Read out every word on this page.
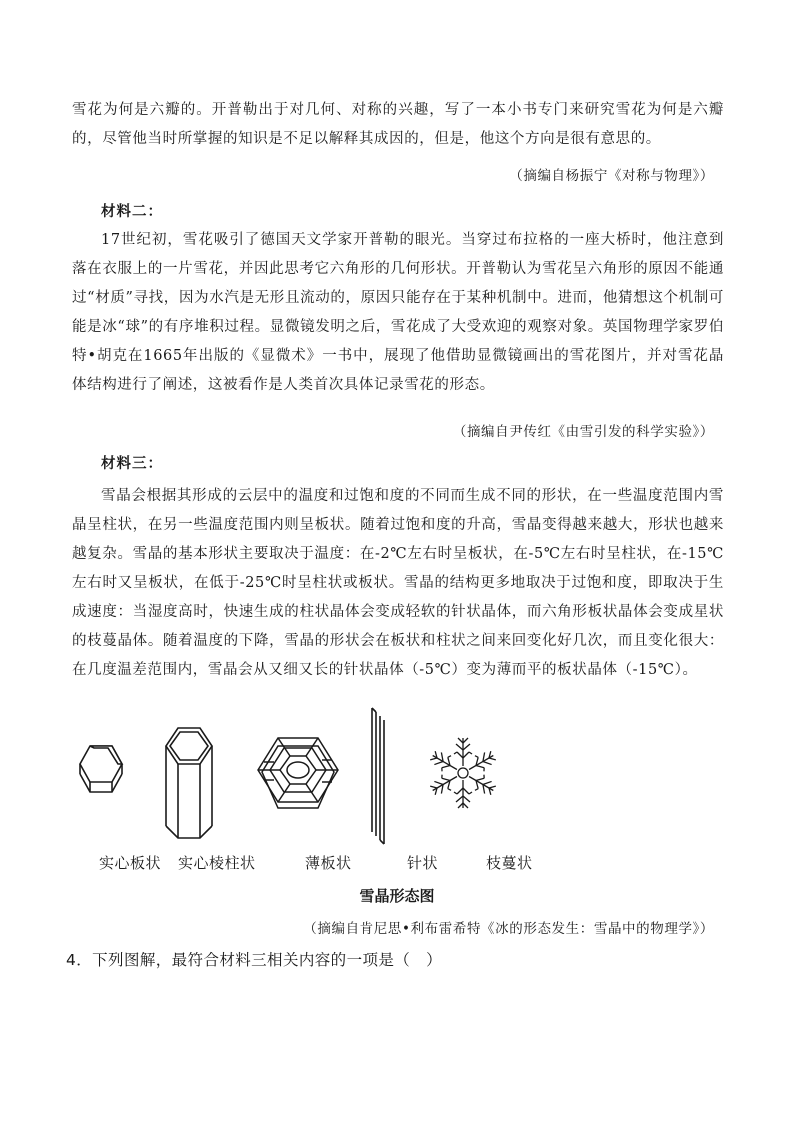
雪花为何是六瓣的。开普勒出于对几何、对称的兴趣，写了一本小书专门来研究雪花为何是六瓣的，尽管他当时所掌握的知识是不足以解释其成因的，但是，他这个方向是很有意思的。
（摘编自杨振宁《对称与物理》）
材料二：
17世纪初，雪花吸引了德国天文学家开普勒的眼光。当穿过布拉格的一座大桥时，他注意到落在衣服上的一片雪花，并因此思考它六角形的几何形状。开普勒认为雪花呈六角形的原因不能通过“材质”寻找，因为水汽是无形且流动的，原因只能存在于某种机制中。进而，他猜想这个机制可能是冰“球”的有序堆积过程。显微镜发明之后，雪花成了大受欢迎的观察对象。英国物理学家罗伯特•胡克在1665年出版的《显微术》一书中，展现了他借助显微镜画出的雪花图片，并对雪花晶体结构进行了阐述，这被看作是人类首次具体记录雪花的形态。
（摘编自尹传红《由雪引发的科学实验》）
材料三：
雪晶会根据其形成的云层中的温度和过饱和度的不同而生成不同的形状，在一些温度范围内雪晶呈柱状，在另一些温度范围内则呈板状。随着过饱和度的升高，雪晶变得越来越大，形状也越来越复杂。雪晶的基本形状主要取决于温度：在-2℃左右时呈板状，在-5℃左右时呈柱状，在-15℃左右时又呈板状，在低于-25℃时呈柱状或板状。雪晶的结构更多地取决于过饱和度，即取决于生成速度：当湿度高时，快速生成的柱状晶体会变成轻软的针状晶体，而六角形板状晶体会变成星状的枝蔓晶体。随着温度的下降，雪晶的形状会在板状和柱状之间来回变化好几次，而且变化很大：在几度温差范围内，雪晶会从又细又长的针状晶体（-5℃）变为薄而平的板状晶体（-15℃）。
实心板状 实心棱柱状	薄板状	针状	枝蔓状
雪晶形态图
（摘编自肯尼思•利布雷希特《冰的形态发生：雪晶中的物理学》）
4．下列图解，最符合材料三相关内容的一项是（　）
